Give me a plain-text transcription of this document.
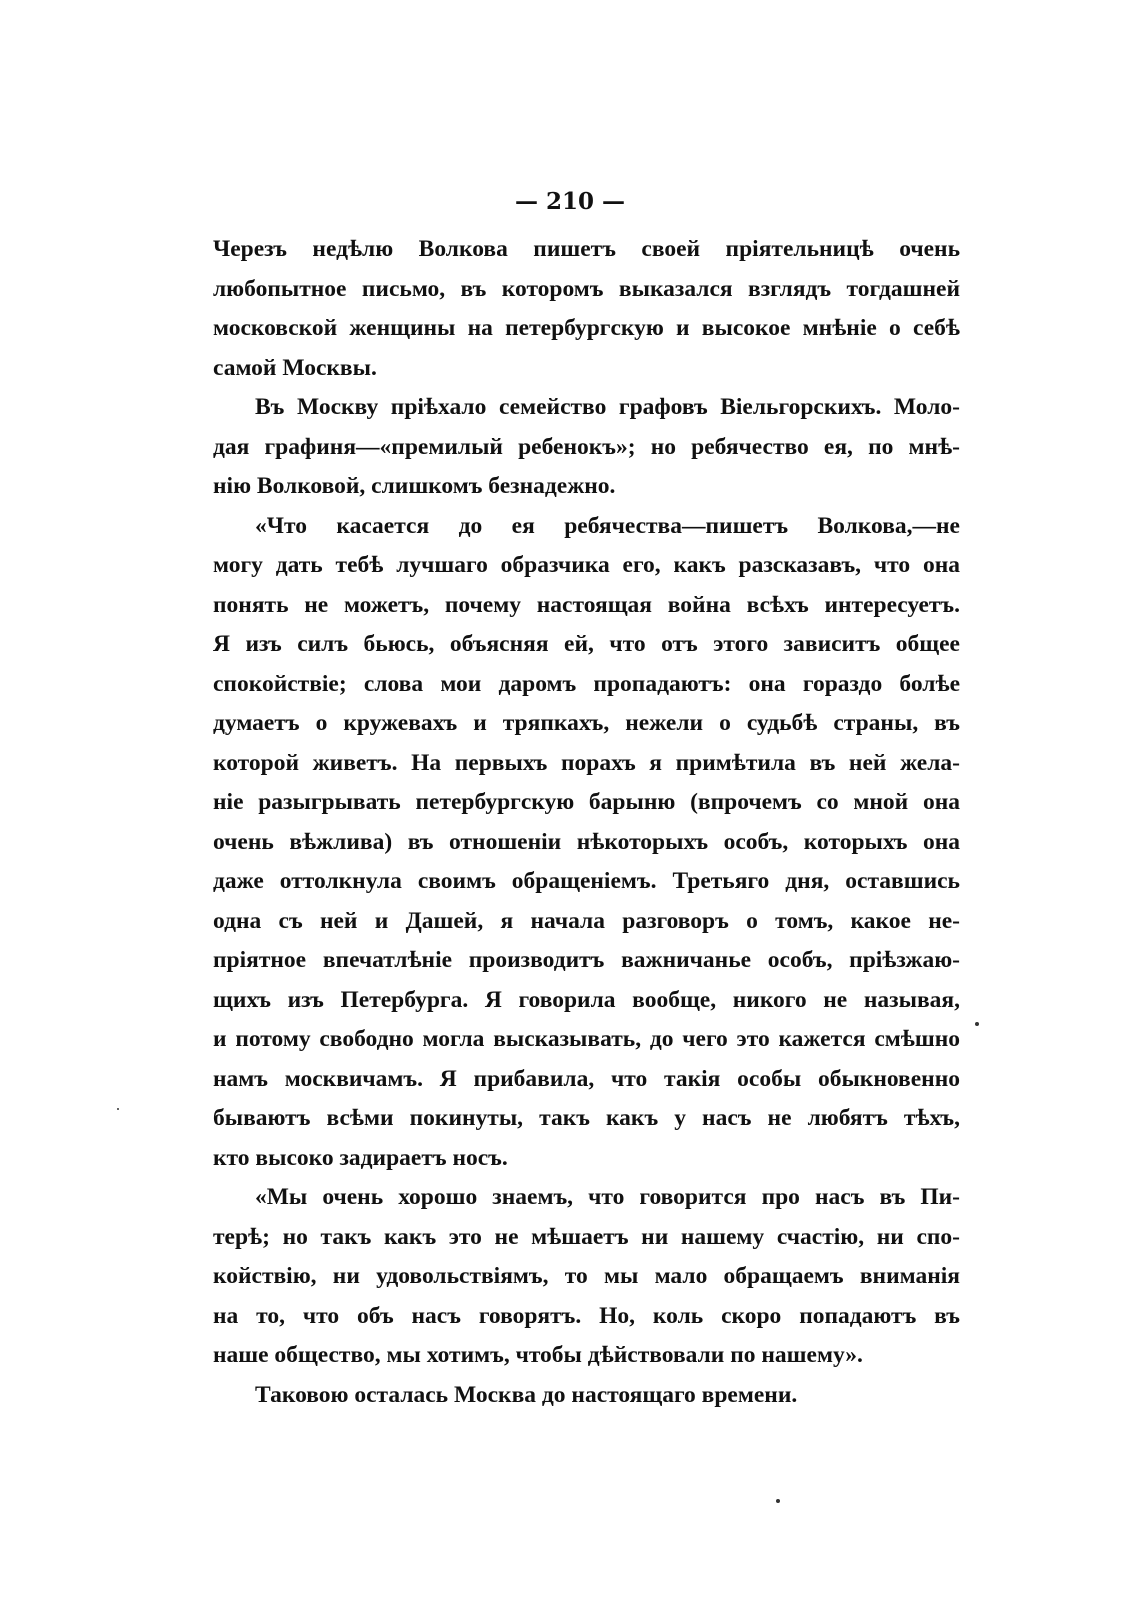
— 210 —
Черезъ недѣлю Волкова пишетъ своей пріятельницѣ очень
любопытное письмо, въ которомъ выказался взглядъ тогдашней
московской женщины на петербургскую и высокое мнѣніе о себѣ
самой Москвы.
Въ Москву пріѣхало семейство графовъ Віельгорскихъ. Моло-
дая графиня—«премилый ребенокъ»; но ребячество ея, по мнѣ-
нію Волковой, слишкомъ безнадежно.
«Что касается до ея ребячества—пишетъ Волкова,—не
могу дать тебѣ лучшаго образчика его, какъ разсказавъ, что она
понять не можетъ, почему настоящая война всѣхъ интересуетъ.
Я изъ силъ бьюсь, объясняя ей, что отъ этого зависитъ общее
спокойствіе; слова мои даромъ пропадаютъ: она гораздо болѣе
думаетъ о кружевахъ и тряпкахъ, нежели о судьбѣ страны, въ
которой живетъ. На первыхъ порахъ я примѣтила въ ней жела-
ніе разыгрывать петербургскую барыню (впрочемъ со мной она
очень вѣжлива) въ отношеніи нѣкоторыхъ особъ, которыхъ она
даже оттолкнула своимъ обращеніемъ. Третьяго дня, оставшись
одна съ ней и Дашей, я начала разговоръ о томъ, какое не-
пріятное впечатлѣніе производитъ важничанье особъ, пріѣзжаю-
щихъ изъ Петербурга. Я говорила вообще, никого не называя,
и потому свободно могла высказывать, до чего это кажется смѣшно
намъ москвичамъ. Я прибавила, что такія особы обыкновенно
бываютъ всѣми покинуты, такъ какъ у насъ не любятъ тѣхъ,
кто высоко задираетъ носъ.
«Мы очень хорошо знаемъ, что говорится про насъ въ Пи-
терѣ; но такъ какъ это не мѣшаетъ ни нашему счастію, ни спо-
койствію, ни удовольствіямъ, то мы мало обращаемъ вниманія
на то, что объ насъ говорятъ. Но, коль скоро попадаютъ въ
наше общество, мы хотимъ, чтобы дѣйствовали по нашему».
Таковою осталась Москва до настоящаго времени.
